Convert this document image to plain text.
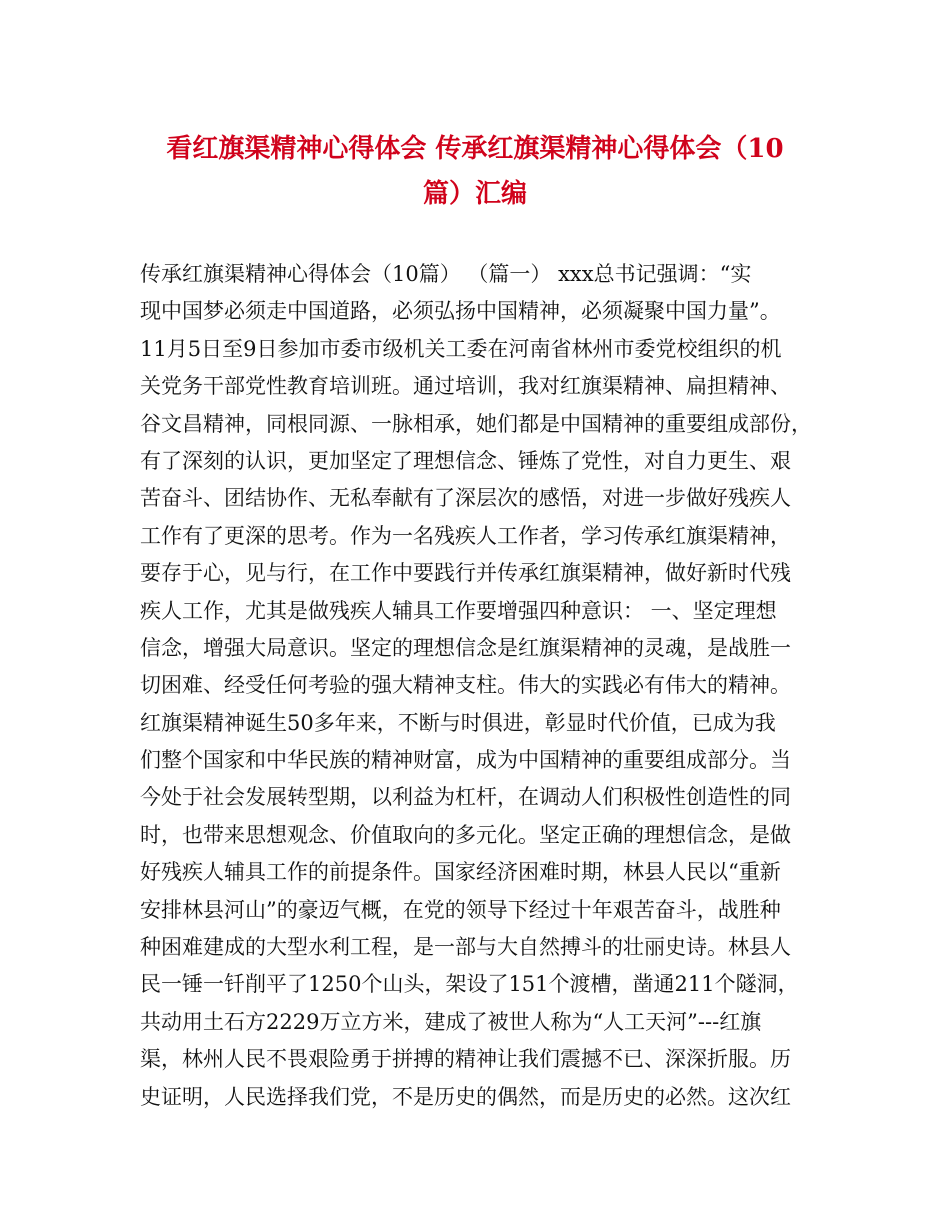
看红旗渠精神心得体会 传承红旗渠精神心得体会（10
篇）汇编
传承红旗渠精神心得体会（10篇） （篇一） xxx总书记强调：“实
现中国梦必须走中国道路，必须弘扬中国精神，必须凝聚中国力量”。
11月5日至9日参加市委市级机关工委在河南省林州市委党校组织的机
关党务干部党性教育培训班。通过培训，我对红旗渠精神、扁担精神、
谷文昌精神，同根同源、一脉相承，她们都是中国精神的重要组成部份，
有了深刻的认识，更加坚定了理想信念、锤炼了党性，对自力更生、艰
苦奋斗、团结协作、无私奉献有了深层次的感悟，对进一步做好残疾人
工作有了更深的思考。作为一名残疾人工作者，学习传承红旗渠精神，
要存于心，见与行，在工作中要践行并传承红旗渠精神，做好新时代残
疾人工作，尤其是做残疾人辅具工作要增强四种意识： 一、坚定理想
信念，增强大局意识。坚定的理想信念是红旗渠精神的灵魂，是战胜一
切困难、经受任何考验的强大精神支柱。伟大的实践必有伟大的精神。
红旗渠精神诞生50多年来，不断与时俱进，彰显时代价值，已成为我
们整个国家和中华民族的精神财富，成为中国精神的重要组成部分。当
今处于社会发展转型期，以利益为杠杆，在调动人们积极性创造性的同
时，也带来思想观念、价值取向的多元化。坚定正确的理想信念，是做
好残疾人辅具工作的前提条件。国家经济困难时期，林县人民以“重新
安排林县河山”的豪迈气概，在党的领导下经过十年艰苦奋斗，战胜种
种困难建成的大型水利工程，是一部与大自然搏斗的壮丽史诗。林县人
民一锤一钎削平了1250个山头，架设了151个渡槽，凿通211个隧洞，
共动用土石方2229万立方米，建成了被世人称为“人工天河”---红旗
渠，林州人民不畏艰险勇于拼搏的精神让我们震撼不已、深深折服。历
史证明，人民选择我们党，不是历史的偶然，而是历史的必然。这次红
